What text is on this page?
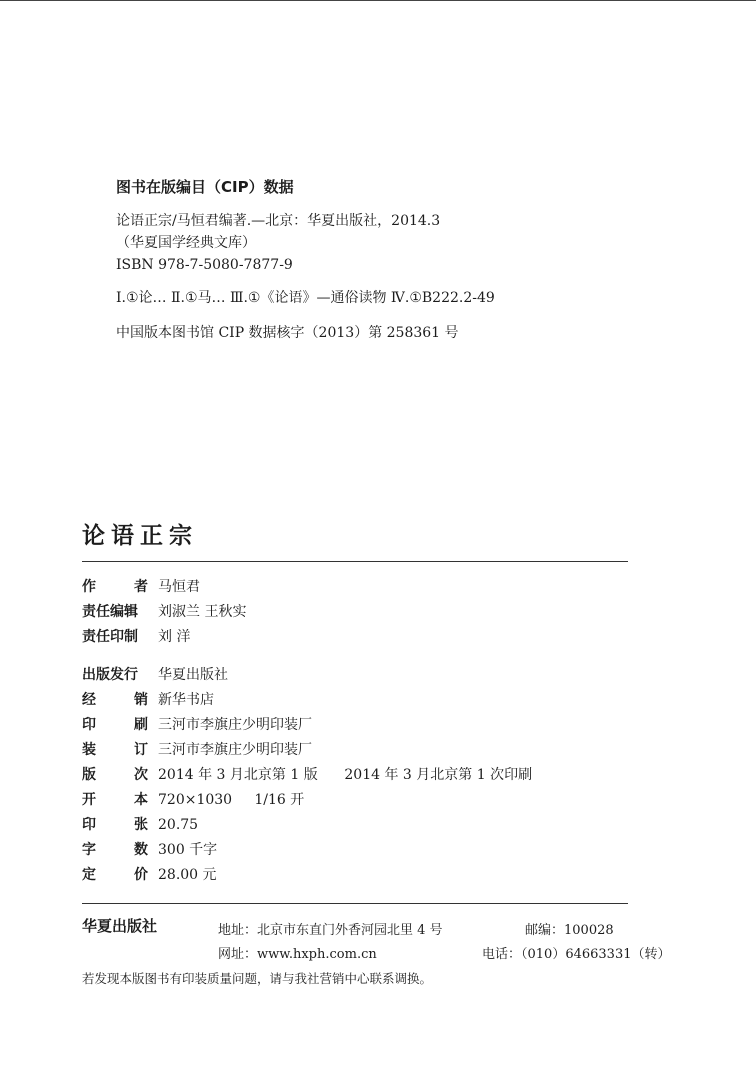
图书在版编目（CIP）数据
论语正宗/马恒君编著.—北京：华夏出版社，2014.3
（华夏国学经典文库）
ISBN 978-7-5080-7877-9
Ⅰ.①论… Ⅱ.①马… Ⅲ.①《论语》—通俗读物 Ⅳ.①B222.2-49
中国版本图书馆 CIP 数据核字（2013）第 258361 号
论语正宗
作	者 马恒君
责任编辑 刘淑兰 王秋实
责任印制 刘 洋
出版发行 华夏出版社
经	销 新华书店
印	刷 三河市李旗庄少明印装厂
装	订 三河市李旗庄少明印装厂
版	次 2014 年 3 月北京第 1 版      2014 年 3 月北京第 1 次印刷
开	本 720×1030     1/16 开
印	张 20.75
字	数 300 千字
定	价 28.00 元
华夏出版社	地址：北京市东直门外香河园北里 4 号	邮编：100028
网址：www.hxph.com.cn	电话：（010）64663331（转）
若发现本版图书有印装质量问题，请与我社营销中心联系调换。
